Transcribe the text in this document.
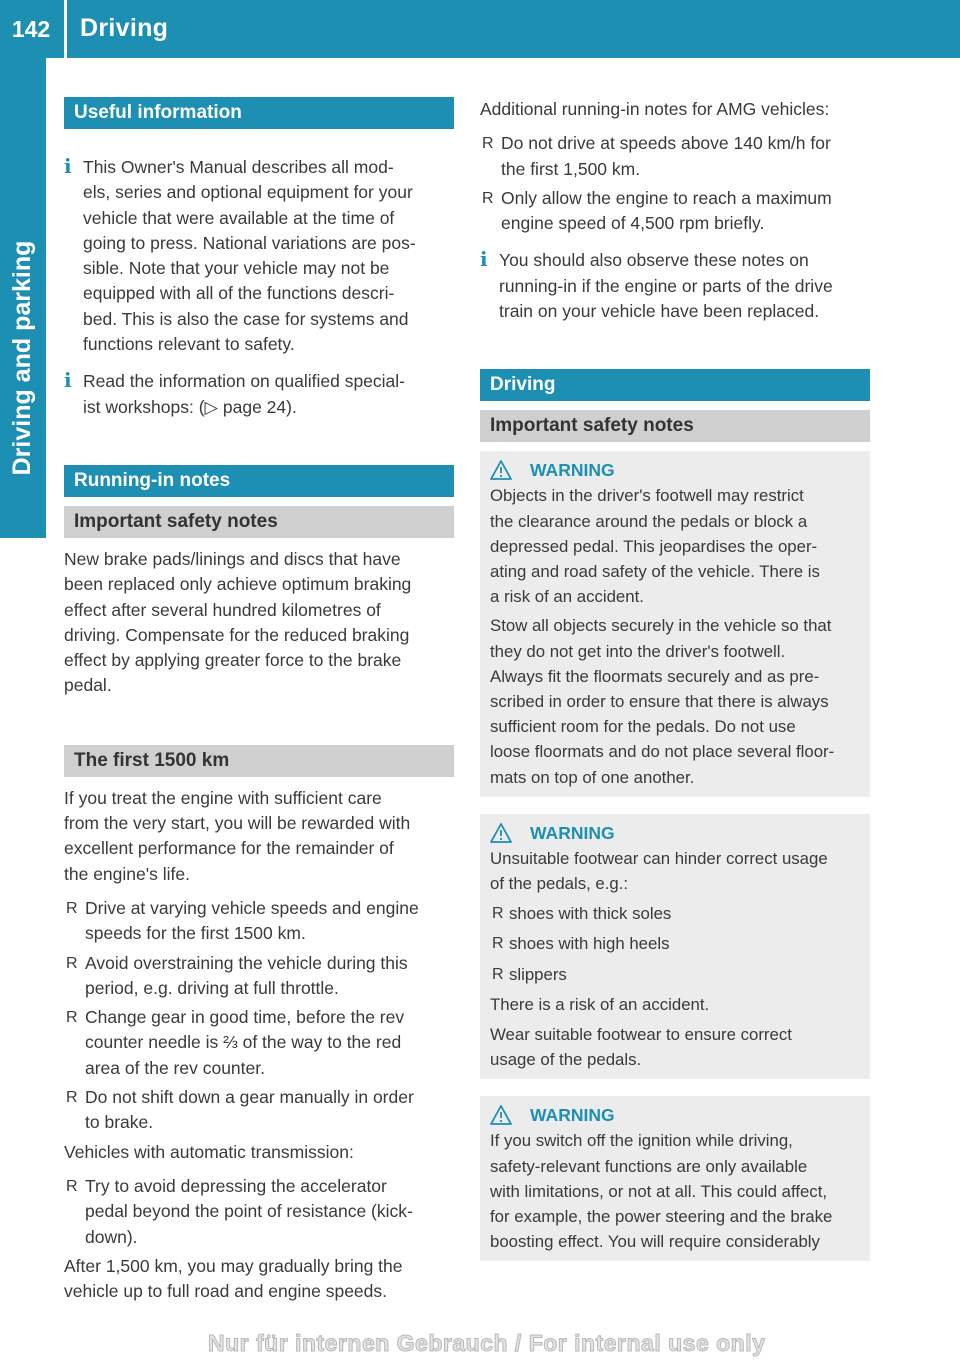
142	Driving
Driving and parking
Useful information
i This Owner's Manual describes all mod-
els, series and optional equipment for your
vehicle that were available at the time of
going to press. National variations are pos-
sible. Note that your vehicle may not be
equipped with all of the functions descri-
bed. This is also the case for systems and
functions relevant to safety.
i Read the information on qualified special-
ist workshops: (▷ page 24).
Running-in notes
Important safety notes
New brake pads/linings and discs that have
been replaced only achieve optimum braking
effect after several hundred kilometres of
driving. Compensate for the reduced braking
effect by applying greater force to the brake
pedal.
The first 1500 km
If you treat the engine with sufficient care
from the very start, you will be rewarded with
excellent performance for the remainder of
the engine's life.
R Drive at varying vehicle speeds and engine
speeds for the first 1500 km.
R Avoid overstraining the vehicle during this
period, e.g. driving at full throttle.
R Change gear in good time, before the rev
counter needle is ⅔ of the way to the red
area of the rev counter.
R Do not shift down a gear manually in order
to brake.
Vehicles with automatic transmission:
R Try to avoid depressing the accelerator
pedal beyond the point of resistance (kick-
down).
After 1,500 km, you may gradually bring the
vehicle up to full road and engine speeds.
Additional running-in notes for AMG vehicles:
R Do not drive at speeds above 140 km/h for
the first 1,500 km.
R Only allow the engine to reach a maximum
engine speed of 4,500 rpm briefly.
i You should also observe these notes on
running-in if the engine or parts of the drive
train on your vehicle have been replaced.
Driving
Important safety notes
WARNING

Objects in the driver's footwell may restrict

the clearance around the pedals or block a

depressed pedal. This jeopardises the oper-

ating and road safety of the vehicle. There is

a risk of an accident.

Stow all objects securely in the vehicle so that

they do not get into the driver's footwell.

Always fit the floormats securely and as pre-

scribed in order to ensure that there is always

sufficient room for the pedals. Do not use

loose floormats and do not place several floor-

mats on top of one another.

WARNING

Unsuitable footwear can hinder correct usage

of the pedals, e.g.:

R shoes with thick soles
R shoes with high heels
R slippers

There is a risk of an accident.

Wear suitable footwear to ensure correct

usage of the pedals.

WARNING

If you switch off the ignition while driving,

safety-relevant functions are only available

with limitations, or not at all. This could affect,

for example, the power steering and the brake

boosting effect. You will require considerably

Nur für internen Gebrauch / For internal use only
